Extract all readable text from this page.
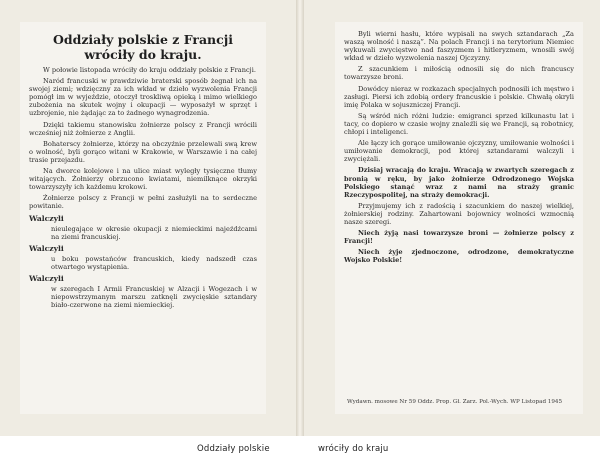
Oddziały polskie z Francji
wróciły do kraju.

W połowie listopada wróciły do kraju oddziały polskie z Francji.

Naród francuski w prawdziwie braterski sposób żegnał ich na swojej ziemi; wdzięczny za ich wkład w dzieło wyzwolenia Francji pomógł im w wyjeździe, otoczył troskliwą opieką i mimo wielkiego zubożenia na skutek wojny i okupacji — wyposażył w sprzęt i uzbrojenie, nie żądając za to żadnego wynagrodzenia.

Dzięki takiemu stanowisku żołnierze polscy z Francji wrócili wcześniej niż żołnierze z Anglii.

Bohaterscy żołnierze, którzy na obczyźnie przelewali swą krew o wolność, byli gorąco witani w Krakowie, w Warszawie i na całej trasie przejazdu.

Na dworce kolejowe i na ulice miast wyległy tysięczne tłumy witających. Żołnierzy obrzucono kwiatami, niemilknące okrzyki towarzyszyły ich każdemu krokowi.

Żołnierze polscy z Francji w pełni zasłużyli na to serdeczne powitanie.

Walczyli

nieulegające w okresie okupacji z niemieckimi najeźdźcami na ziemi francuskiej.

Walczyli

u boku powstańców francuskich, kiedy nadszedł czas otwartego wystąpienia.

Walczyli

w szeregach I Armii Francuskiej w Alzacji i Wogezach i w niepowstrzymanym marszu zatknęli zwycięskie sztandary biało-czerwone na ziemi niemieckiej.

Byli wierni hasłu, które wypisali na swych sztandarach „Za waszą wolność i naszą”. Na polach Francji i na terytorium Niemiec wykuwali zwycięstwo nad faszyzmem i hitleryzmem, wnosili swój wkład w dzieło wyzwolenia naszej Ojczyzny.

Z szacunkiem i miłością odnosili się do nich francuscy towarzysze broni.

Dowódcy nieraz w rozkazach specjalnych podnosili ich męstwo i zasługi. Piersi ich zdobią ordery francuskie i polskie. Chwałą okryli imię Polaka w sojuszniczej Francji.

Są wśród nich różni ludzie: emigranci sprzed kilkunastu lat i tacy, co dopiero w czasie wojny znaleźli się we Francji, są robotnicy, chłopi i inteligenci.

Ale łączy ich gorące umiłowanie ojczyzny, umiłowanie wolności i umiłowanie demokracji, pod której sztandarami walczyli i zwyciężali.

Dzisiaj wracają do kraju. Wracają w zwartych szeregach z bronią w ręku, by jako żołnierze Odrodzonego Wojska Polskiego stanąć wraz z nami na straży granic Rzeczypospolitej, na straży demokracji.

Przyjmujemy ich z radością i szacunkiem do naszej wielkiej, żołnierskiej rodziny. Zahartowani bojownicy wolności wzmocnią nasze szeregi.

Niech żyją nasi towarzysze broni — żołnierze polscy z Francji!

Niech żyje zjednoczone, odrodzone, demokratyczne Wojsko Polskie!

Wydawn. mosowe Nr 59 Oddz. Prop. Gł. Zarz. Pol.-Wych. WP Listopad 1945
Oddziały polskie	wróciły do kraju
